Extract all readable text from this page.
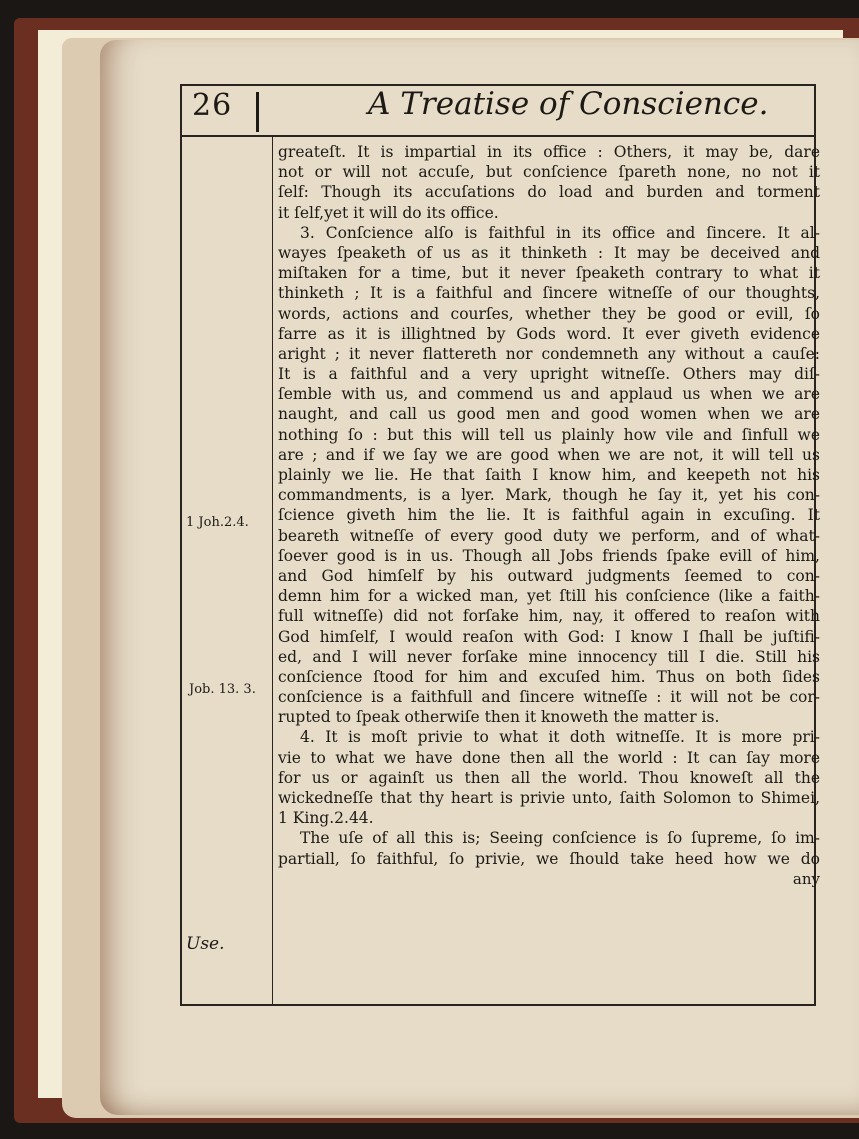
26	A Treatise of Conscience.
1 Joh.2.4.
Job. 13. 3.
Use.
greateſt. It is impartial in its office : Others, it may be, dare
not or will not accuſe, but conſcience ſpareth none, no not it
ſelf: Though its accuſations do load and burden and torment
it ſelf,yet it will do its office.
3. Conſcience alſo is faithful in its office and ſincere. It al-
wayes ſpeaketh of us as it thinketh : It may be deceived and
miſtaken for a time, but it never ſpeaketh contrary to what it
thinketh ; It is a faithful and ſincere witneſſe of our thoughts,
words, actions and courſes, whether they be good or evill, ſo
farre as it is illightned by Gods word. It ever giveth evidence
aright ; it never flattereth nor condemneth any without a cauſe:
It is a faithful and a very upright witneſſe. Others may diſ-
ſemble with us, and commend us and applaud us when we are
naught, and call us good men and good women when we are
nothing ſo : but this will tell us plainly how vile and ſinfull we
are ; and if we ſay we are good when we are not, it will tell us
plainly we lie. He that ſaith I know him, and keepeth not his
commandments, is a lyer. Mark, though he ſay it, yet his con-
ſcience giveth him the lie. It is faithful again in excuſing. It
beareth witneſſe of every good duty we perform, and of what-
ſoever good is in us. Though all Jobs friends ſpake evill of him,
and God himſelf by his outward judgments ſeemed to con-
demn him for a wicked man, yet ſtill his conſcience (like a faith-
full witneſſe) did not forſake him, nay, it offered to reaſon with
God himſelf, I would reaſon with God: I know I ſhall be juſtifi-
ed, and I will never forſake mine innocency till I die. Still his
conſcience ſtood for him and excuſed him. Thus on both ſides
conſcience is a faithfull and ſincere witneſſe : it will not be cor-
rupted to ſpeak otherwiſe then it knoweth the matter is.
4. It is moſt privie to what it doth witneſſe. It is more pri-
vie to what we have done then all the world : It can ſay more
for us or againſt us then all the world. Thou knoweſt all the
wickedneſſe that thy heart is privie unto, ſaith Solomon to Shimei,
1 King.2.44.
The uſe of all this is; Seeing conſcience is ſo ſupreme, ſo im-
partiall, ſo faithful, ſo privie, we ſhould take heed how we do
any
